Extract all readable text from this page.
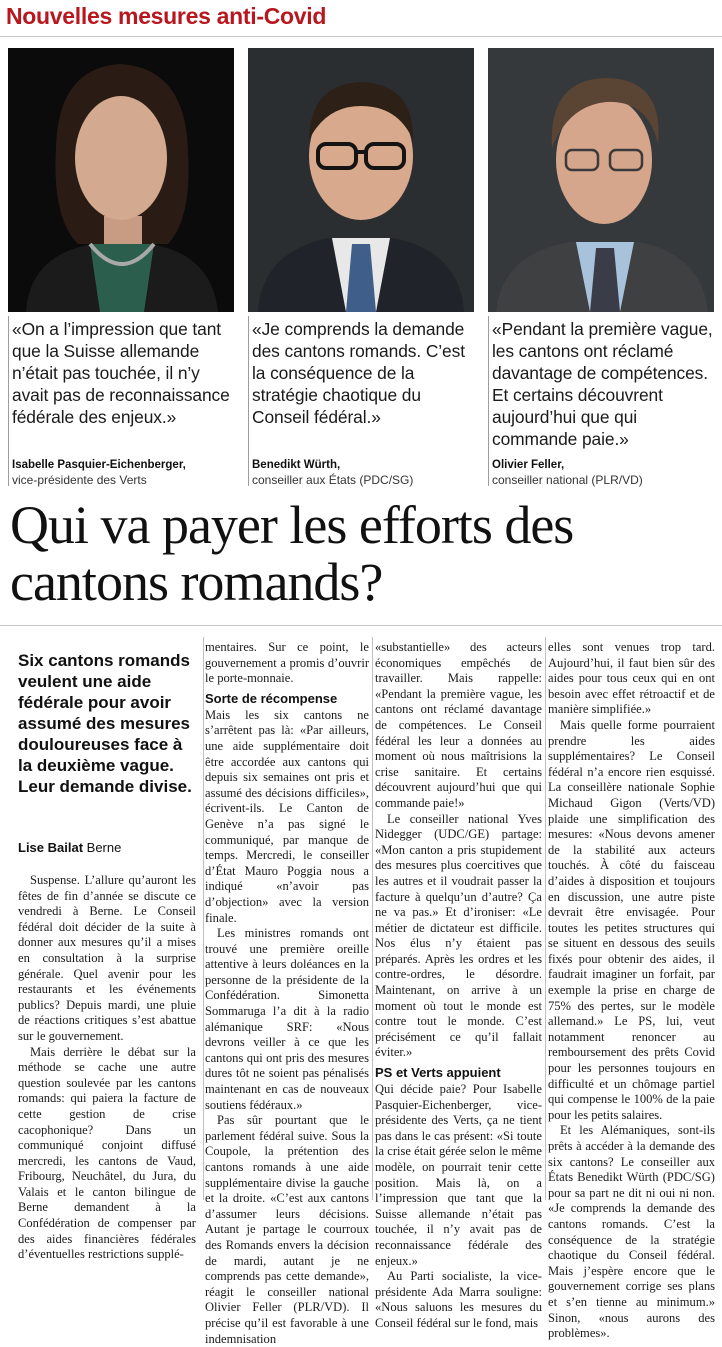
Nouvelles mesures anti-Covid
«On a l’impression que tant que la Suisse allemande n’était pas touchée, il n’y avait pas de reconnaissance fédérale des enjeux.»
Isabelle Pasquier-Eichenberger,
vice-présidente des Verts
«Je comprends la demande des cantons romands. C’est la conséquence de la stratégie chaotique du Conseil fédéral.»
Benedikt Würth,
conseiller aux États (PDC/SG)
«Pendant la première vague, les cantons ont réclamé davantage de compétences. Et certains découvrent aujourd’hui que qui commande paie.»
Olivier Feller,
conseiller national (PLR/VD)
Qui va payer les efforts des cantons romands?
Six cantons romands veulent une aide fédérale pour avoir assumé des mesures douloureuses face à la deuxième vague. Leur demande divise.
Lise Bailat Berne

Suspense. L’allure qu’auront les fêtes de fin d’année se discute ce vendredi à Berne. Le Conseil fédéral doit décider de la suite à donner aux mesures qu’il a mises en consultation à la surprise générale. Quel avenir pour les restaurants et les événements publics? Depuis mardi, une pluie de réactions critiques s’est abattue sur le gouvernement.

Mais derrière le débat sur la méthode se cache une autre question soulevée par les cantons romands: qui paiera la facture de cette gestion de crise cacophonique? Dans un communiqué conjoint diffusé mercredi, les cantons de Vaud, Fribourg, Neuchâtel, du Jura, du Valais et le canton bilingue de Berne demandent à la Confédération de compenser par des aides financières fédérales d’éventuelles restrictions supplé-

mentaires. Sur ce point, le gouvernement a promis d’ouvrir le porte-monnaie.

Sorte de récompense

Mais les six cantons ne s’arrêtent pas là: «Par ailleurs, une aide supplémentaire doit être accordée aux cantons qui depuis six semaines ont pris et assumé des décisions difficiles», écrivent-ils. Le Canton de Genève n’a pas signé le communiqué, par manque de temps. Mercredi, le conseiller d’État Mauro Poggia nous a indiqué «n’avoir pas d’objection» avec la version finale.

Les ministres romands ont trouvé une première oreille attentive à leurs doléances en la personne de la présidente de la Confédération. Simonetta Sommaruga l’a dit à la radio alémanique SRF: «Nous devrons veiller à ce que les cantons qui ont pris des mesures dures tôt ne soient pas pénalisés maintenant en cas de nouveaux soutiens fédéraux.»

Pas sûr pourtant que le parlement fédéral suive. Sous la Coupole, la prétention des cantons romands à une aide supplémentaire divise la gauche et la droite. «C’est aux cantons d’assumer leurs décisions. Autant je partage le courroux des Romands envers la décision de mardi, autant je ne comprends pas cette demande», réagit le conseiller national Olivier Feller (PLR/VD). Il précise qu’il est favorable à une indemnisation

«substantielle» des acteurs économiques empêchés de travailler. Mais rappelle: «Pendant la première vague, les cantons ont réclamé davantage de compétences. Le Conseil fédéral les leur a données au moment où nous maîtrisions la crise sanitaire. Et certains découvrent aujourd’hui que qui commande paie!»

Le conseiller national Yves Nidegger (UDC/GE) partage: «Mon canton a pris stupidement des mesures plus coercitives que les autres et il voudrait passer la facture à quelqu’un d’autre? Ça ne va pas.» Et d’ironiser: «Le métier de dictateur est difficile. Nos élus n’y étaient pas préparés. Après les ordres et les contre-ordres, le désordre. Maintenant, on arrive à un moment où tout le monde est contre tout le monde. C’est précisément ce qu’il fallait éviter.»

PS et Verts appuient

Qui décide paie? Pour Isabelle Pasquier-Eichenberger, vice-présidente des Verts, ça ne tient pas dans le cas présent: «Si toute la crise était gérée selon le même modèle, on pourrait tenir cette position. Mais là, on a l’impression que tant que la Suisse allemande n’était pas touchée, il n’y avait pas de reconnaissance fédérale des enjeux.»

Au Parti socialiste, la vice-présidente Ada Marra souligne: «Nous saluons les mesures du Conseil fédéral sur le fond, mais

elles sont venues trop tard. Aujourd’hui, il faut bien sûr des aides pour tous ceux qui en ont besoin avec effet rétroactif et de manière simplifiée.»

Mais quelle forme pourraient prendre les aides supplémentaires? Le Conseil fédéral n’a encore rien esquissé. La conseillère nationale Sophie Michaud Gigon (Verts/VD) plaide une simplification des mesures: «Nous devons amener de la stabilité aux acteurs touchés. À côté du faisceau d’aides à disposition et toujours en discussion, une autre piste devrait être envisagée. Pour toutes les petites structures qui se situent en dessous des seuils fixés pour obtenir des aides, il faudrait imaginer un forfait, par exemple la prise en charge de 75% des pertes, sur le modèle allemand.» Le PS, lui, veut notamment renoncer au remboursement des prêts Covid pour les personnes toujours en difficulté et un chômage partiel qui compense le 100% de la paie pour les petits salaires.

Et les Alémaniques, sont-ils prêts à accéder à la demande des six cantons? Le conseiller aux États Benedikt Würth (PDC/SG) pour sa part ne dit ni oui ni non. «Je comprends la demande des cantons romands. C’est la conséquence de la stratégie chaotique du Conseil fédéral. Mais j’espère encore que le gouvernement corrige ses plans et s’en tienne au minimum.» Sinon, «nous aurons des problèmes».
